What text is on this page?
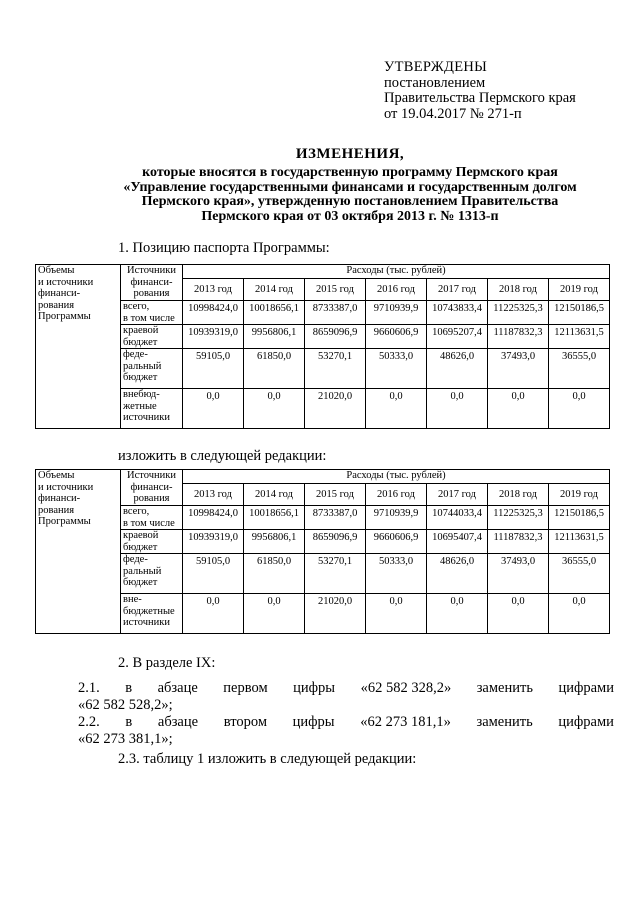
УТВЕРЖДЕНЫ
постановлением
Правительства Пермского края
от 19.04.2017 № 271-п
ИЗМЕНЕНИЯ,
которые вносятся в государственную программу Пермского края
«Управление государственными финансами и государственным долгом
Пермского края», утвержденную постановлением Правительства
Пермского края от 03 октября 2013 г. № 1313-п
1. Позицию паспорта Программы:
Объемы
и источники
финанси-
рования
Программы	Источники
финанси-
рования	Расходы (тыс. рублей)						
		2013 год	2014 год	2015 год	2016 год	2017 год	2018 год	2019 год
	всего,
в том числе	10998424,0	10018656,1	8733387,0	9710939,9	10743833,4	11225325,3	12150186,5
	краевой
бюджет	10939319,0	9956806,1	8659096,9	9660606,9	10695207,4	11187832,3	12113631,5
	феде-
ральный
бюджет	59105,0	61850,0	53270,1	50333,0	48626,0	37493,0	36555,0
	внебюд-
жетные
источники	0,0	0,0	21020,0	0,0	0,0	0,0	0,0
изложить в следующей редакции:
Объемы
и источники
финанси-
рования
Программы	Источники
финанси-
рования	Расходы (тыс. рублей)						
		2013 год	2014 год	2015 год	2016 год	2017 год	2018 год	2019 год
	всего,
в том числе	10998424,0	10018656,1	8733387,0	9710939,9	10744033,4	11225325,3	12150186,5
	краевой
бюджет	10939319,0	9956806,1	8659096,9	9660606,9	10695407,4	11187832,3	12113631,5
	феде-
ральный
бюджет	59105,0	61850,0	53270,1	50333,0	48626,0	37493,0	36555,0
	вне-
бюджетные
источники	0,0	0,0	21020,0	0,0	0,0	0,0	0,0
2. В разделе IX:
2.1. в абзаце первом цифры «62 582 328,2» заменить цифрами
«62 582 528,2»;
2.2. в абзаце втором цифры «62 273 181,1» заменить цифрами
«62 273 381,1»;
2.3. таблицу 1 изложить в следующей редакции:
